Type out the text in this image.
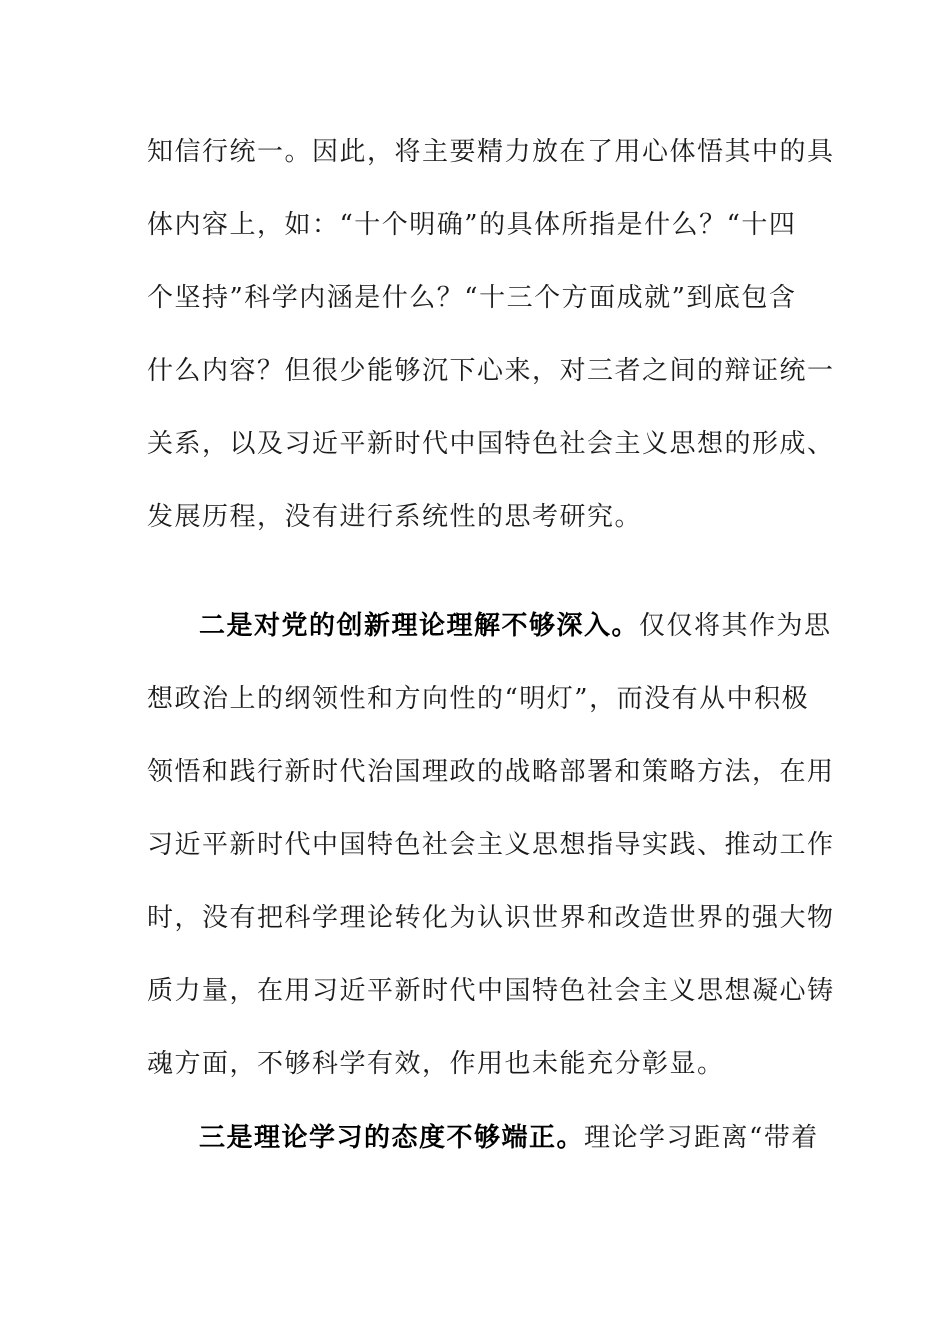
知信行统一。因此，将主要精力放在了用心体悟其中的具
体内容上，如：“十个明确”的具体所指是什么？“十四
个坚持”科学内涵是什么？“十三个方面成就”到底包含
什么内容？但很少能够沉下心来，对三者之间的辩证统一
关系，以及习近平新时代中国特色社会主义思想的形成、
发展历程，没有进行系统性的思考研究。
二是对党的创新理论理解不够深入。仅仅将其作为思
想政治上的纲领性和方向性的“明灯”，而没有从中积极
领悟和践行新时代治国理政的战略部署和策略方法，在用
习近平新时代中国特色社会主义思想指导实践、推动工作
时，没有把科学理论转化为认识世界和改造世界的强大物
质力量，在用习近平新时代中国特色社会主义思想凝心铸
魂方面，不够科学有效，作用也未能充分彰显。
三是理论学习的态度不够端正。理论学习距离“带着
